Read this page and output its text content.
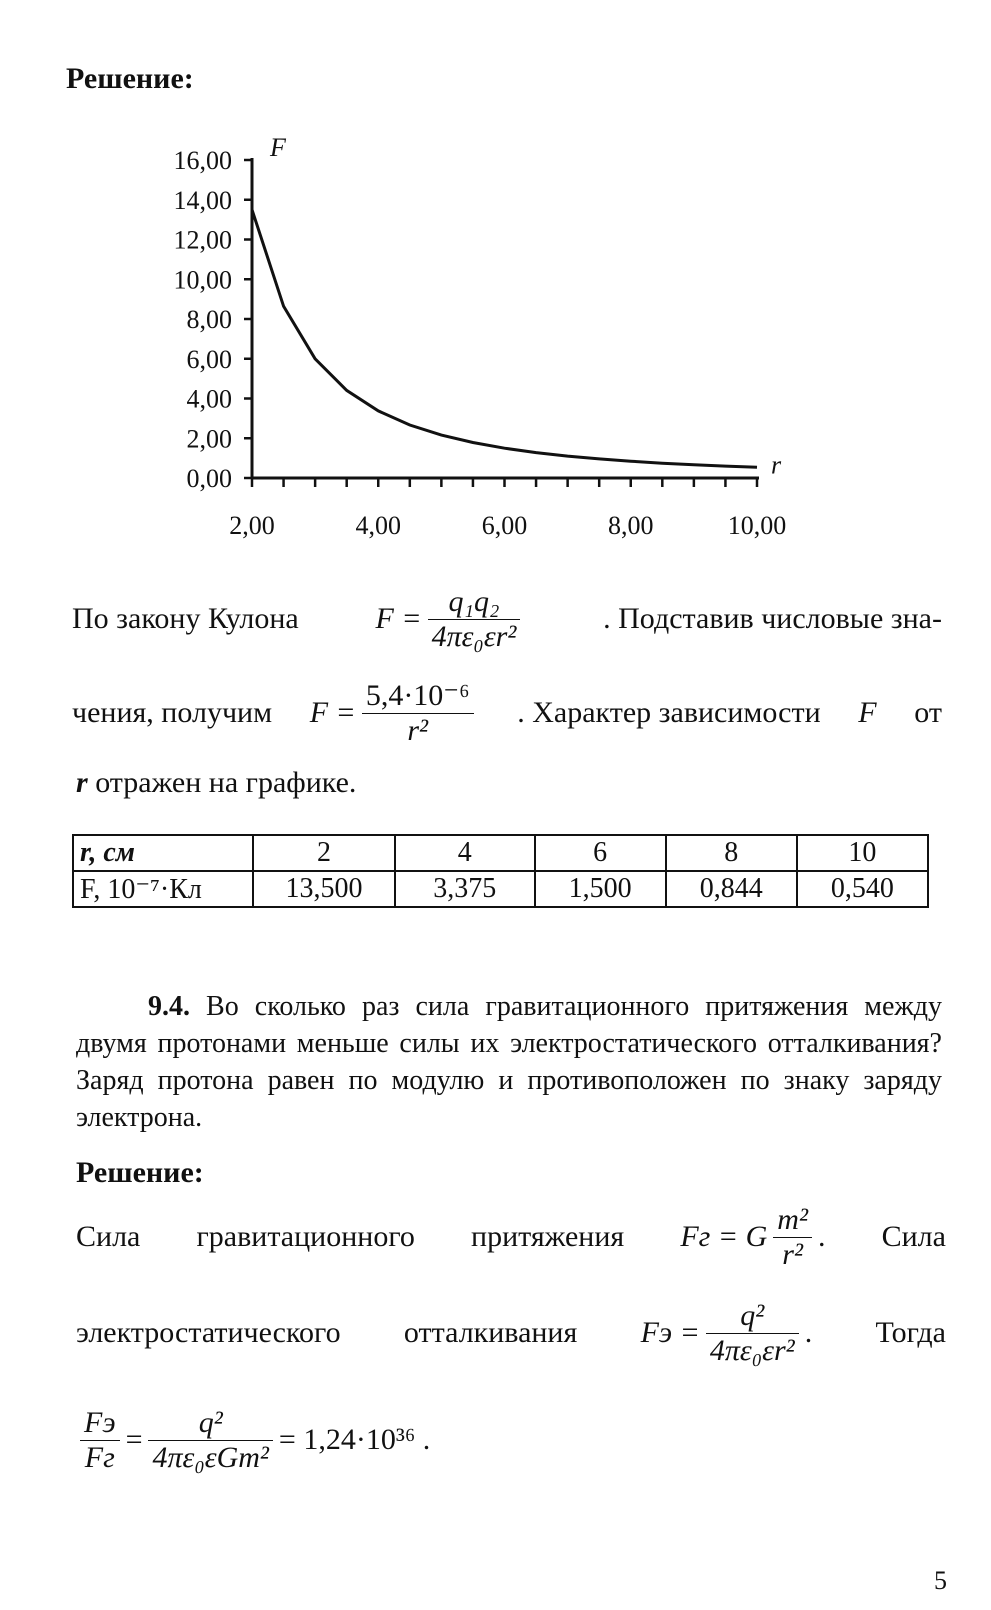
Решение:
0,00
2,00
4,00
6,00
8,00
10,00
12,00
14,00
16,00
2,00	4,00	6,00	8,00	10,00
F
r
По закону Кулона	$F = \frac{\text{q₁q₂}}{\text{4πε₀εr²}}$	. Подставив числовые зна-
чения, получим $F = \frac{\text{5,4·10⁻⁶}}{\text{r²}}$ . Характер зависимости F от
r отражен на графике.
r, см	2	4	6	8	10
F, 10⁻⁷·Кл	13,500	3,375	1,500	0,844	0,540
9.4. Во сколько раз сила гравитационного притяжения между двумя протонами меньше силы их электростатического отталкивания? Заряд протона равен по модулю и противоположен по знаку заряду электрона.
Решение:
Сила гравитационного притяжения Fг = G $\frac{\text{m²}}{\text{r²}}$ . Сила
электростатического отталкивания Fэ = $\frac{\text{q²}}{\text{4πε₀εr²}}$ . Тогда
$\frac{Fэ}{Fг} = \frac{\text{q²}}{\text{4πε₀εGm²}} = 1,24\cdot 10^{36}$ .
5
